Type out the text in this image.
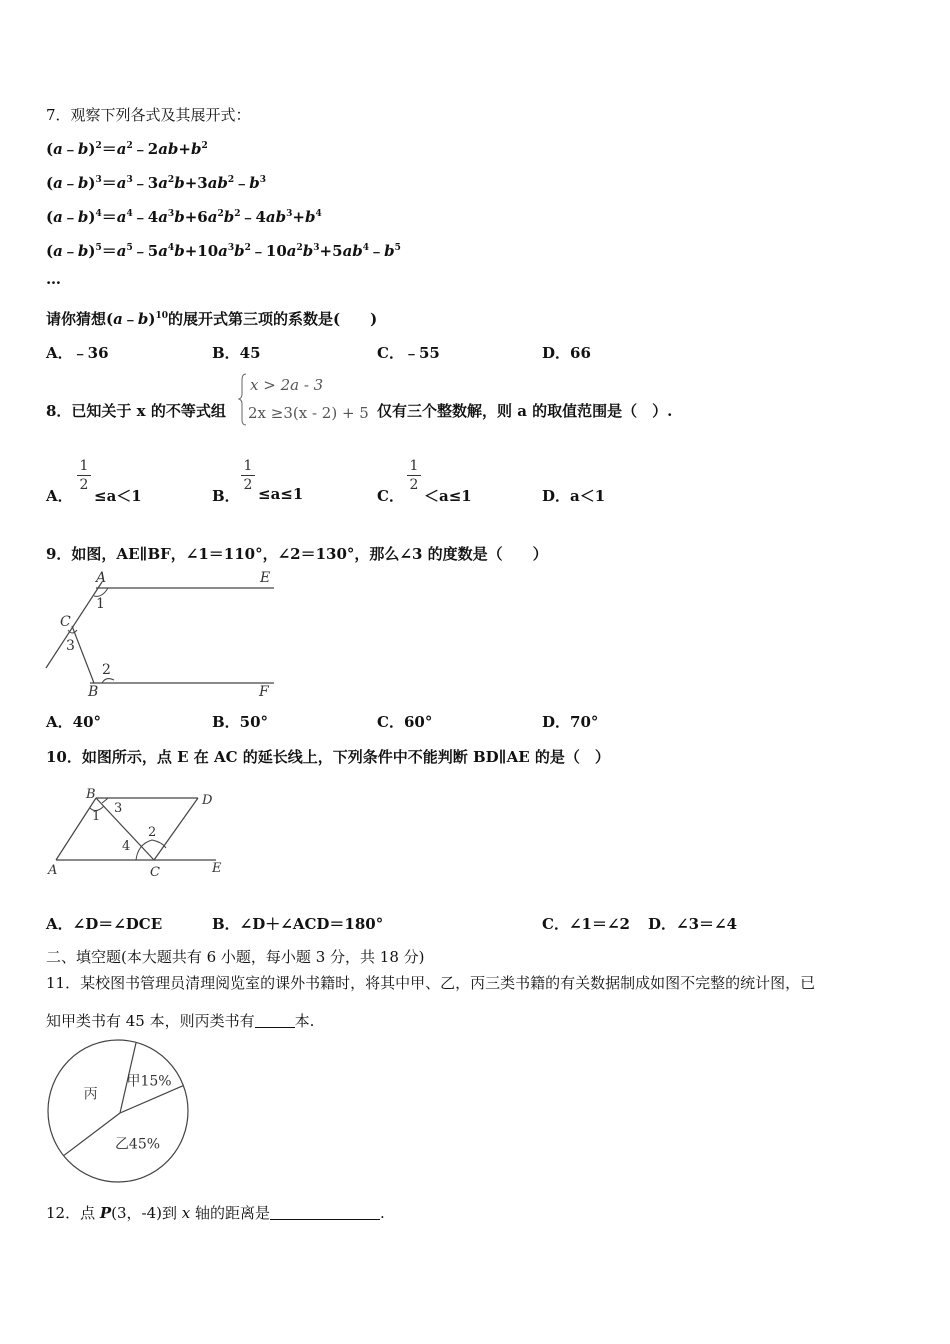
7．观察下列各式及其展开式：
$(a﹣b)^2=a^2﹣2ab+b^2$
$(a﹣b)^3=a^3﹣3a^2b+3ab^2﹣b^3$
$(a﹣b)^4=a^4﹣4a^3b+6a^2b^2﹣4ab^3+b^4$
$(a﹣b)^5=a^5﹣5a^4b+10a^3b^2﹣10a^2b^3+5ab^4﹣b^5$
…
请你猜想(a﹣b)$^{10}$的展开式第三项的系数是(　　)
A．﹣36	B．45	C．﹣55	D．66
8．已知关于 x 的不等式组
x > 2a - 3
2x ≥3(x - 2) + 5 仅有三个整数解，则 a 的取值范围是（　）.
A．
1
2
≤a＜1	B．
1
2 ≤a≤1	C．
1
2
＜a≤1	D．a＜1
9．如图，AE∥BF，∠1＝110°，∠2＝130°，那么∠3 的度数是（　　）
A	E
C
B	F
1
2
3
A．40°	B．50°	C．60°	D．70°
10．如图所示，点 E 在 AC 的延长线上，下列条件中不能判断 BD∥AE 的是（　）
B	D
A	C	E
1
2
3
4
A．∠D＝∠DCE	B．∠D＋∠ACD＝180°	C．∠1＝∠2 D．∠3＝∠4
二、填空题(本大题共有 6 小题，每小题 3 分，共 18 分)
11．某校图书管理员清理阅览室的课外书籍时，将其中甲、乙，丙三类书籍的有关数据制成如图不完整的统计图，已
知甲类书有 45 本，则丙类书有	本.
甲15%
乙45%
丙
12．点 P(3，-4)到 x 轴的距离是	.
